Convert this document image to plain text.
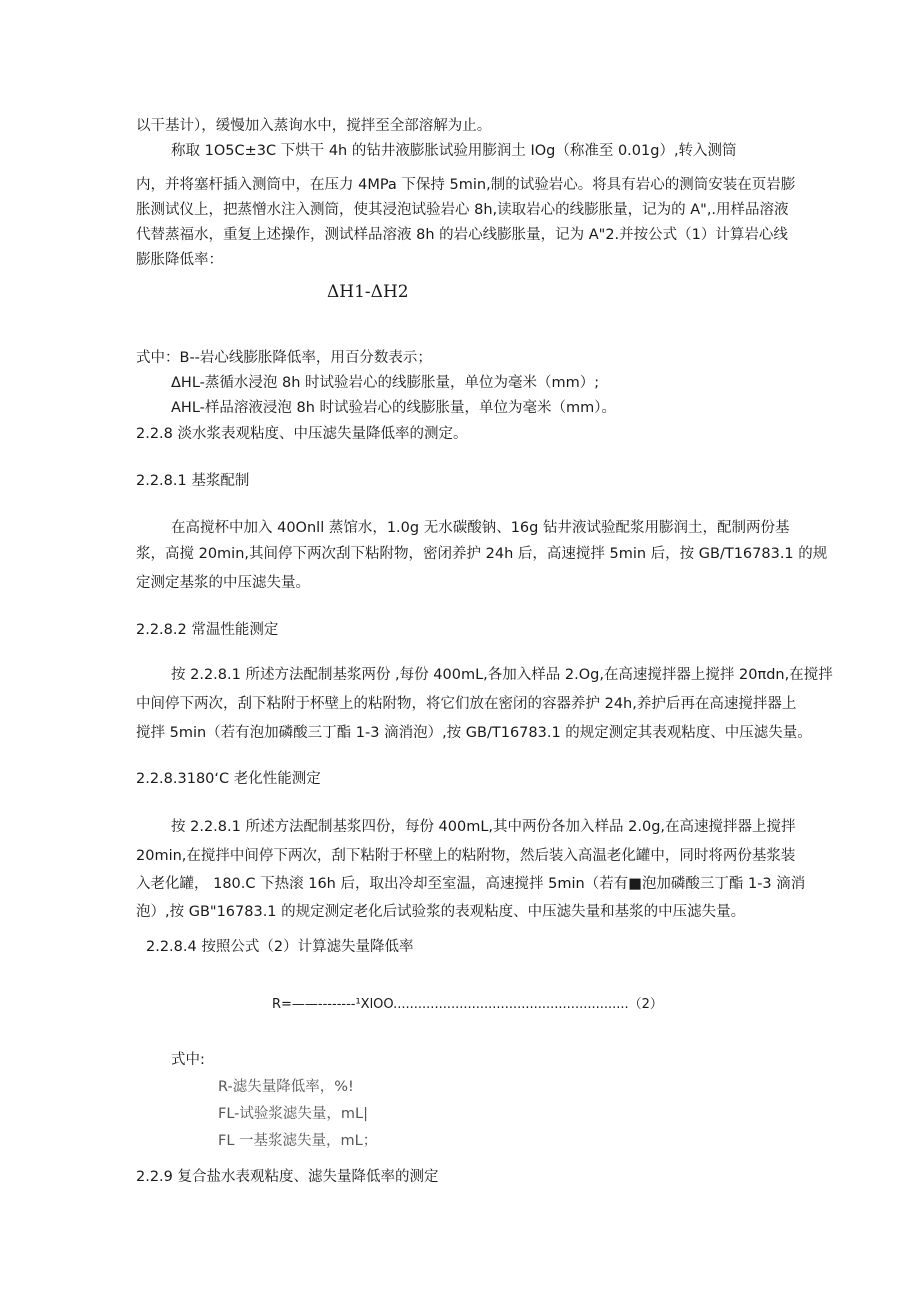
以干基计），缓慢加入蒸询水中，搅拌至全部溶解为止。
称取 1O5C±3C 下烘干 4h 的钻井液膨胀试验用膨润土 IOg（称准至 0.01g）,转入测筒
内，并将塞杆插入测筒中，在压力 4MPa 下保持 5min,制的试验岩心。将具有岩心的测筒安装在页岩膨
胀测试仪上，把蒸憎水注入测筒，使其浸泡试验岩心 8h,读取岩心的线膨胀量，记为的 A",.用样品溶液
代替蒸福水，重复上述操作，测试样品溶液 8h 的岩心线膨胀量，记为 A"2.并按公式（1）计算岩心线
膨胀降低率：
ΔH1-ΔH2
式中：B--岩心线膨胀降低率，用百分数表示；
ΔHL-蒸循水浸泡 8h 时试验岩心的线膨胀量，单位为毫米（mm）;
AHL-样品溶液浸泡 8h 时试验岩心的线膨胀量，单位为毫米（mm）。
2.2.8 淡水浆表观粘度、中压滤失量降低率的测定。
2.2.8.1 基浆配制
在高搅杯中加入 40Onll 蒸馆水，1.0g 无水碳酸钠、16g 钻井液试验配浆用膨润土，配制两份基
浆，高搅 20min,其间停下两次刮下粘附物，密闭养护 24h 后，高速搅拌 5min 后，按 GB/T16783.1 的规
定测定基浆的中压滤失量。
2.2.8.2 常温性能测定
按 2.2.8.1 所述方法配制基浆两份 ,每份 400mL,各加入样品 2.Og,在高速搅拌器上搅拌 20πdn,在搅拌
中间停下两次，刮下粘附于杯壁上的粘附物，将它们放在密闭的容器养护 24h,养护后再在高速搅拌器上
搅拌 5min（若有泡加磷酸三丁酯 1-3 滴消泡）,按 GB/T16783.1 的规定测定其表观粘度、中压滤失量。
2.2.8.3180‘C 老化性能测定
按 2.2.8.1 所述方法配制基浆四份，每份 400mL,其中两份各加入样品 2.0g,在高速搅拌器上搅拌
20min,在搅拌中间停下两次，刮下粘附于杯壁上的粘附物，然后装入高温老化罐中，同时将两份基浆装
入老化罐， 180.C 下热滚 16h 后，取出冷却至室温，高速搅拌 5min（若有■泡加磷酸三丁酯 1-3 滴消
泡）,按 GB"16783.1 的规定测定老化后试验浆的表观粘度、中压滤失量和基浆的中压滤失量。
2.2.8.4 按照公式（2）计算滤失量降低率
R=——--------¹XlOO.........................................................（2）
式中:
R-滤失量降低率，%!
FL-试验浆滤失量，mL|
FL 一基浆滤失量，mL；
2.2.9 复合盐水表观粘度、滤失量降低率的测定
